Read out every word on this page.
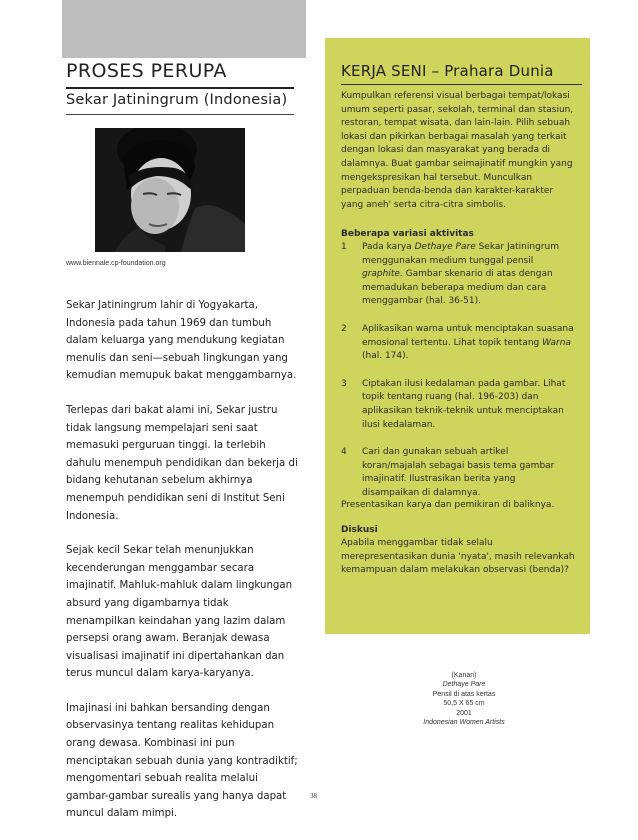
PROSES PERUPA
Sekar Jatiningrum (Indonesia)
www.biennale.cp-foundation.org

Sekar Jatiningrum lahir di Yogyakarta, Indonesia pada tahun 1969 dan tumbuh dalam keluarga yang mendukung kegiatan menulis dan seni—sebuah lingkungan yang kemudian memupuk bakat menggambarnya.

Terlepas dari bakat alami ini, Sekar justru tidak langsung mempelajari seni saat memasuki perguruan tinggi. Ia terlebih dahulu menempuh pendidikan dan bekerja di bidang kehutanan sebelum akhirnya menempuh pendidikan seni di Institut Seni Indonesia.

Sejak kecil Sekar telah menunjukkan kecenderungan menggambar secara imajinatif. Mahluk-mahluk dalam lingkungan absurd yang digambarnya tidak menampilkan keindahan yang lazim dalam persepsi orang awam. Beranjak dewasa visualisasi imajinatif ini dipertahankan dan terus muncul dalam karya-karyanya.

Imajinasi ini bahkan bersanding dengan observasinya tentang realitas kehidupan orang dewasa. Kombinasi ini pun menciptakan sebuah dunia yang kontradiktif; mengomentari sebuah realita melalui gambar-gambar surealis yang hanya dapat muncul dalam mimpi.

KERJA SENI – Prahara Dunia
Kumpulkan referensi visual berbagai tempat/lokasi umum seperti pasar, sekolah, terminal dan stasiun, restoran, tempat wisata, dan lain-lain. Pilih sebuah lokasi dan pikirkan berbagai masalah yang terkait dengan lokasi dan masyarakat yang berada di dalamnya. Buat gambar seimajinatif mungkin yang mengekspresikan hal tersebut. Munculkan perpaduan benda-benda dan karakter-karakter yang aneh' serta citra-citra simbolis.
Beberapa variasi aktivitas
1 Pada karya Dethaye Pare Sekar Jatiningrum menggunakan medium tunggal pensil graphite. Gambar skenario di atas dengan memadukan beberapa medium dan cara menggambar (hal. 36-51).
2 Aplikasikan warna untuk menciptakan suasana emosional tertentu. Lihat topik tentang Warna (hal. 174).
3 Ciptakan ilusi kedalaman pada gambar. Lihat topik tentang ruang (hal. 196-203) dan aplikasikan teknik-teknik untuk menciptakan ilusi kedalaman.
4 Cari dan gunakan sebuah artikel koran/majalah sebagai basis tema gambar imajinatif. Ilustrasikan berita yang disampaikan di dalamnya.
Presentasikan karya dan pemikiran di baliknya.
Diskusi
Apabila menggambar tidak selalu merepresentasikan dunia 'nyata', masih relevankah kemampuan dalam melakukan observasi (benda)?
(Kanan)
Dethaye Pare
Pensil di atas kertas
50,5 X 65 cm
2001
Indonesian Women Artists
38
